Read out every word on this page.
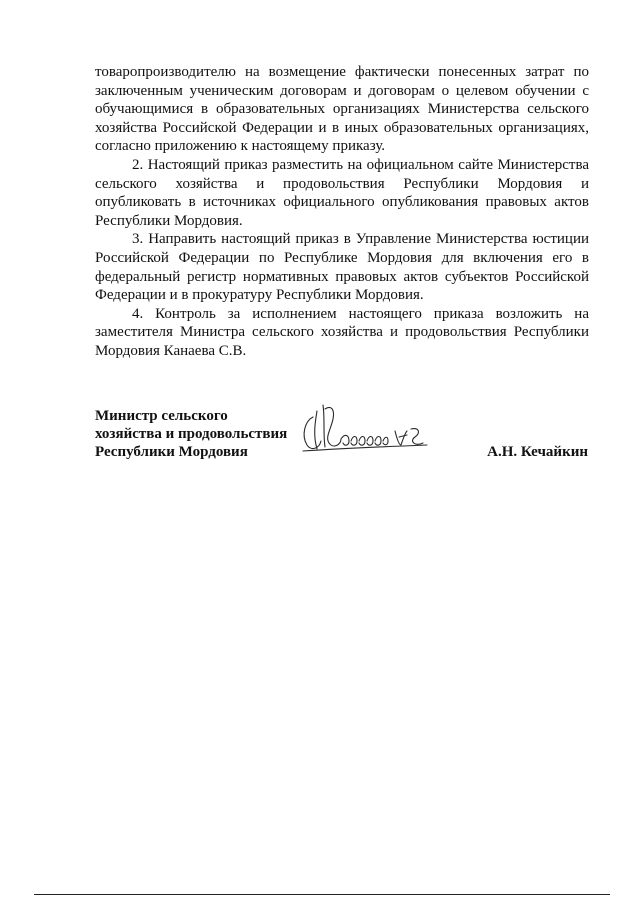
товаропроизводителю на возмещение фактически понесенных затрат по заключенным ученическим договорам и договорам о целевом обучении с обучающимися в образовательных организациях Министерства сельского хозяйства Российской Федерации и в иных образовательных организациях, согласно приложению к настоящему приказу.

2. Настоящий приказ разместить на официальном сайте Министерства сельского хозяйства и продовольствия Республики Мордовия и опубликовать в источниках официального опубликования правовых актов Республики Мордовия.

3. Направить настоящий приказ в Управление Министерства юстиции Российской Федерации по Республике Мордовия для включения его в федеральный регистр нормативных правовых актов субъектов Российской Федерации и в прокуратуру Республики Мордовия.

4. Контроль за исполнением настоящего приказа возложить на заместителя Министра сельского хозяйства и продовольствия Республики Мордовия Канаева С.В.

Министр сельского
хозяйства и продовольствия
Республики Мордовия	А.Н. Кечайкин
